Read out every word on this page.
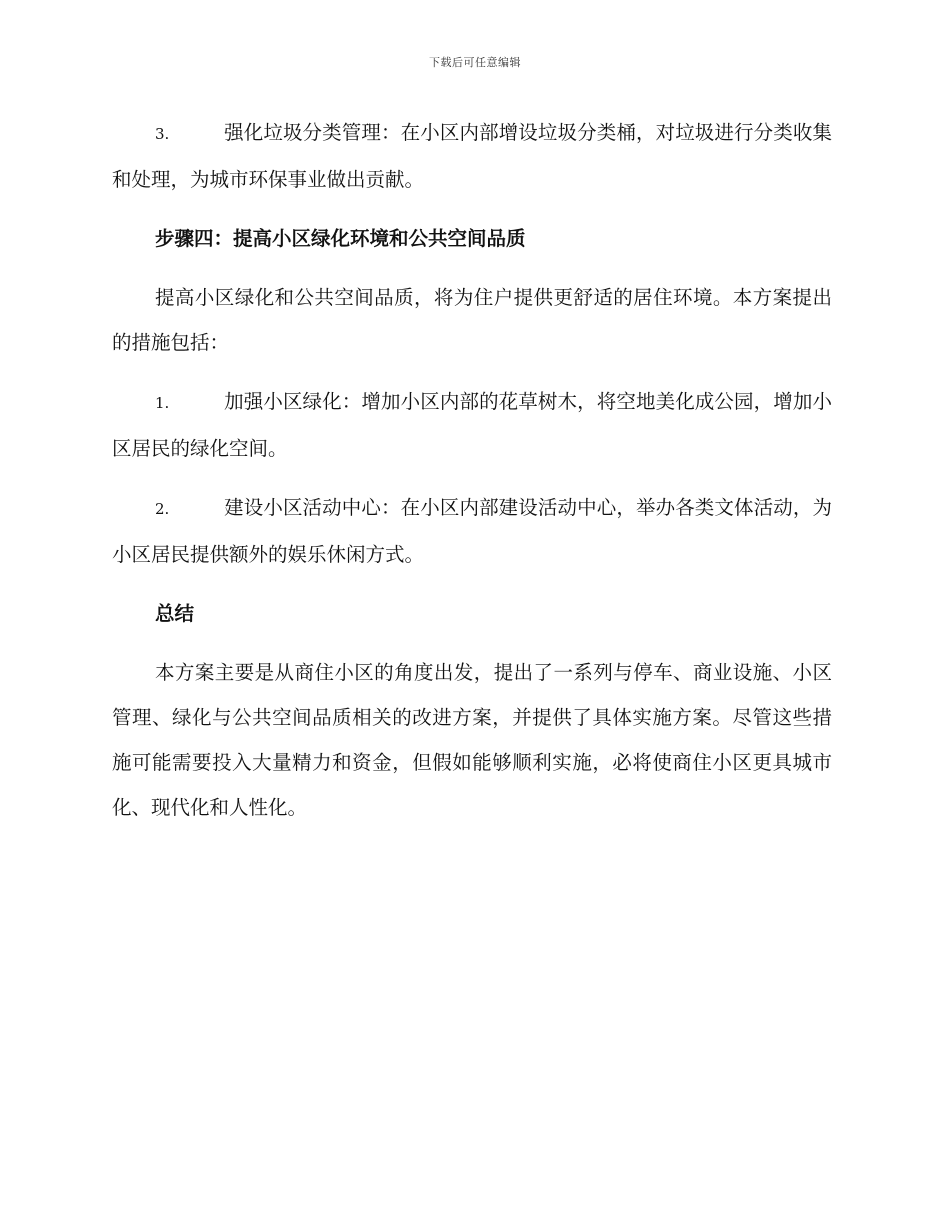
下载后可任意编辑

3.	强化垃圾分类管理：在小区内部增设垃圾分类桶，对垃圾进行分类收集和处理，为城市环保事业做出贡献。

步骤四：提高小区绿化环境和公共空间品质

提高小区绿化和公共空间品质，将为住户提供更舒适的居住环境。本方案提出的措施包括：

1.	加强小区绿化：增加小区内部的花草树木，将空地美化成公园，增加小区居民的绿化空间。

2.	建设小区活动中心：在小区内部建设活动中心，举办各类文体活动，为小区居民提供额外的娱乐休闲方式。

总结

本方案主要是从商住小区的角度出发，提出了一系列与停车、商业设施、小区管理、绿化与公共空间品质相关的改进方案，并提供了具体实施方案。尽管这些措施可能需要投入大量精力和资金，但假如能够顺利实施，必将使商住小区更具城市化、现代化和人性化。
